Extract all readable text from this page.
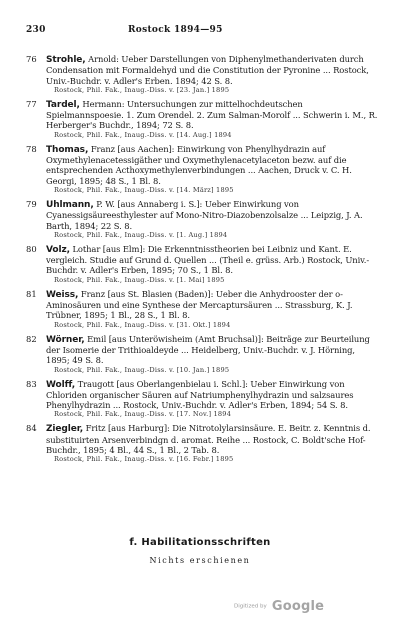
230	Rostock 1894—95
76 Strohle, Arnold: Ueber Darstellungen von Diphenylmethanderivaten durch Condensation mit Formaldehyd und die Constitution der Pyronine ... Rostock, Univ.-Buchdr. v. Adler's Erben. 1894; 42 S. 8.
Rostock, Phil. Fak., Inaug.-Diss. v. [23. Jan.] 1895
77 Tardel, Hermann: Untersuchungen zur mittelhochdeutschen Spielmannspoesie. 1. Zum Orendel. 2. Zum Salman-Morolf ... Schwerin i. M., R. Herberger's Buchdr., 1894; 72 S. 8.
Rostock, Phil. Fak., Inaug.-Diss. v. [14. Aug.] 1894
78 Thomas, Franz [aus Aachen]: Einwirkung von Phenylhydrazin auf Oxymethylenacetessigäther und Oxymethylenacetylaceton bezw. auf die entsprechenden Acthoxymethylenverbindungen ... Aachen, Druck v. C. H. Georgi, 1895; 48 S., 1 Bl. 8.
Rostock, Phil. Fak., Inaug.-Diss. v. [14. März] 1895
79 Uhlmann, P. W. [aus Annaberg i. S.]: Ueber Einwirkung von Cyanessigsäureesthylester auf Mono-Nitro-Diazobenzolsalze ... Leipzig, J. A. Barth, 1894; 22 S. 8.
Rostock, Phil. Fak., Inaug.-Diss. v. [1. Aug.] 1894
80 Volz, Lothar [aus Elm]: Die Erkenntnisstheorien bei Leibniz und Kant. E. vergleich. Studie auf Grund d. Quellen ... (Theil e. grüss. Arb.) Rostock, Univ.-Buchdr. v. Adler's Erben, 1895; 70 S., 1 Bl. 8.
Rostock, Phil. Fak., Inaug.-Diss. v. [1. Mai] 1895
81 Weiss, Franz [aus St. Blasien (Baden)]: Ueber die Anhydrooster der o-Aminosäuren und eine Synthese der Mercaptursäuren ... Strassburg, K. J. Trübner, 1895; 1 Bl., 28 S., 1 Bl. 8.
Rostock, Phil. Fak., Inaug.-Diss. v. [31. Okt.] 1894
82 Wörner, Emil [aus Unteröwisheim (Amt Bruchsal)]: Beiträge zur Beurteilung der Isomerie der Trithioaldeyde ... Heidelberg, Univ.-Buchdr. v. J. Hörning, 1895; 49 S. 8.
Rostock, Phil. Fak., Inaug.-Diss. v. [10. Jan.] 1895
83 Wolff, Traugott [aus Oberlangenbielau i. Schl.]: Ueber Einwirkung von Chloriden organischer Säuren auf Natriumphenylhydrazin und salzsaures Phenylhydrazin ... Rostock, Univ.-Buchdr. v. Adler's Erben, 1894; 54 S. 8.
Rostock, Phil. Fak., Inaug.-Diss. v. [17. Nov.] 1894
84 Ziegler, Fritz [aus Harburg]: Die Nitrotolylarsinsäure. E. Beitr. z. Kenntnis d. substituirten Arsenverbindgn d. aromat. Reihe ... Rostock, C. Boldt'sche Hof-Buchdr., 1895; 4 Bl., 44 S., 1 Bl., 2 Tab. 8.
Rostock, Phil. Fak., Inaug.-Diss. v. [16. Febr.] 1895
f. Habilitationsschriften
Nichts erschienen
Digitized by Google
